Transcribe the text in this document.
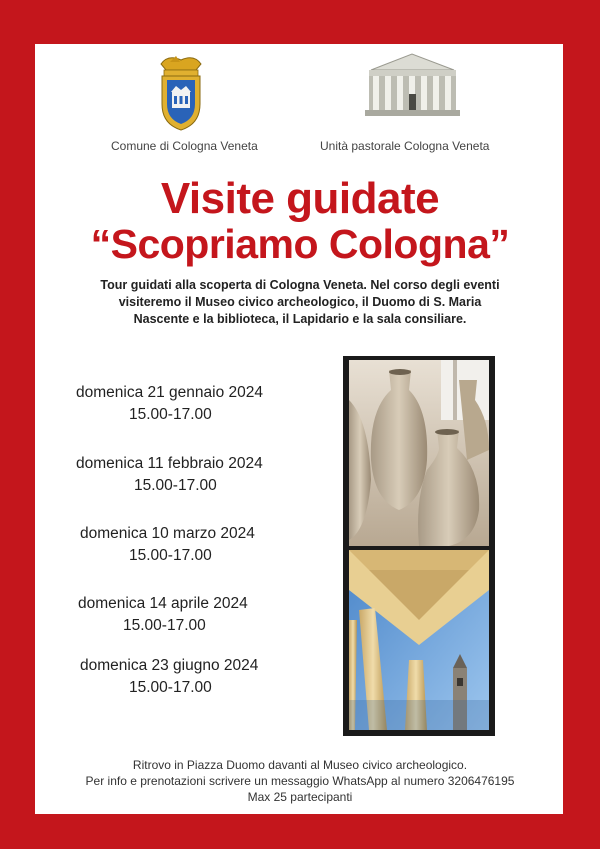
Comune di Cologna Veneta	Unità pastorale Cologna Veneta
Visite guidate
“Scopriamo Cologna”
Tour guidati alla scoperta di Cologna Veneta. Nel corso degli eventi visiteremo il Museo civico archeologico, il Duomo di S. Maria Nascente e la biblioteca, il Lapidario e la sala consiliare.
domenica 21 gennaio 2024
15.00-17.00
domenica 11 febbraio 2024
15.00-17.00
domenica 10 marzo 2024
15.00-17.00
domenica 14 aprile 2024
15.00-17.00
domenica 23 giugno 2024
15.00-17.00
Ritrovo in Piazza Duomo davanti al Museo civico archeologico.
Per info e prenotazioni scrivere un messaggio WhatsApp al numero 3206476195
Max 25 partecipanti
